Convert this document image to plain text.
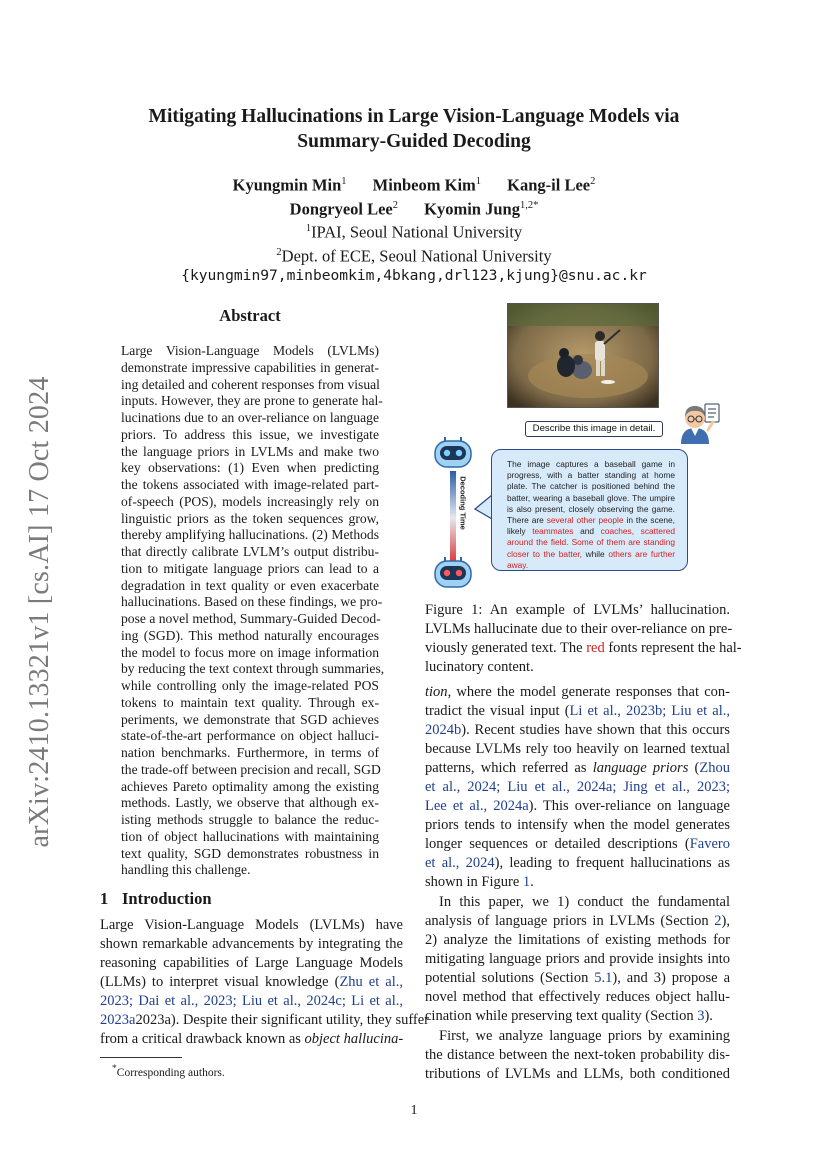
arXiv:2410.13321v1 [cs.AI] 17 Oct 2024
Mitigating Hallucinations in Large Vision-Language Models via
Summary-Guided Decoding
Kyungmin Min$^1$ Minbeom Kim$^1$ Kang-il Lee$^2$
Dongryeol Lee$^2$ Kyomin Jung$^{1,2*}$
$^1$IPAI, Seoul National University
$^2$Dept. of ECE, Seoul National University
{kyungmin97,minbeomkim,4bkang,drl123,kjung}@snu.ac.kr
Abstract
Large Vision-Language Models (LVLMs)
demonstrate impressive capabilities in generat-
ing detailed and coherent responses from visual
inputs. However, they are prone to generate hal-
lucinations due to an over-reliance on language
priors. To address this issue, we investigate
the language priors in LVLMs and make two
key observations: (1) Even when predicting
the tokens associated with image-related part-
of-speech (POS), models increasingly rely on
linguistic priors as the token sequences grow,
thereby amplifying hallucinations. (2) Methods
that directly calibrate LVLM’s output distribu-
tion to mitigate language priors can lead to a
degradation in text quality or even exacerbate
hallucinations. Based on these findings, we pro-
pose a novel method, Summary-Guided Decod-
ing (SGD). This method naturally encourages
the model to focus more on image information
by reducing the text context through summaries,
while controlling only the image-related POS
tokens to maintain text quality. Through ex-
periments, we demonstrate that SGD achieves
state-of-the-art performance on object halluci-
nation benchmarks. Furthermore, in terms of
the trade-off between precision and recall, SGD
achieves Pareto optimality among the existing
methods. Lastly, we observe that although ex-
isting methods struggle to balance the reduc-
tion of object hallucinations with maintaining
text quality, SGD demonstrates robustness in
handling this challenge.
1 Introduction
Large Vision-Language Models (LVLMs) have
shown remarkable advancements by integrating the
reasoning capabilities of Large Language Models
(LLMs) to interpret visual knowledge (Zhu et al.,
2023; Dai et al., 2023; Liu et al., 2024c; Li et al.,
2023a2023a). Despite their significant utility, they suffer
from a critical drawback known as object hallucina-
*Corresponding authors.
Describe this image in detail.
Decoding Time
The image captures a baseball game in progress, with a batter standing at home plate. The catcher is positioned behind the batter, wearing a baseball glove. The umpire is also present, closely observing the game. There are several other people in the scene, likely teammates and coaches, scattered around the field. Some of them are standing closer to the batter, while others are further away.
Figure 1: An example of LVLMs’ hallucination.
LVLMs hallucinate due to their over-reliance on pre-
viously generated text. The red fonts represent the hal-
lucinatory content.
tion, where the model generate responses that con-
tradict the visual input (Li et al., 2023b; Liu et al.,
2024b). Recent studies have shown that this occurs
because LVLMs rely too heavily on learned textual
patterns, which referred as language priors (Zhou
et al., 2024; Liu et al., 2024a; Jing et al., 2023;
Lee et al., 2024a). This over-reliance on language
priors tends to intensify when the model generates
longer sequences or detailed descriptions (Favero
et al., 2024), leading to frequent hallucinations as
shown in Figure 1.
In this paper, we 1) conduct the fundamental
analysis of language priors in LVLMs (Section 2),
2) analyze the limitations of existing methods for
mitigating language priors and provide insights into
potential solutions (Section 5.1), and 3) propose a
novel method that effectively reduces object hallu-
cination while preserving text quality (Section 3).
First, we analyze language priors by examining
the distance between the next-token probability dis-
tributions of LVLMs and LLMs, both conditioned
1
